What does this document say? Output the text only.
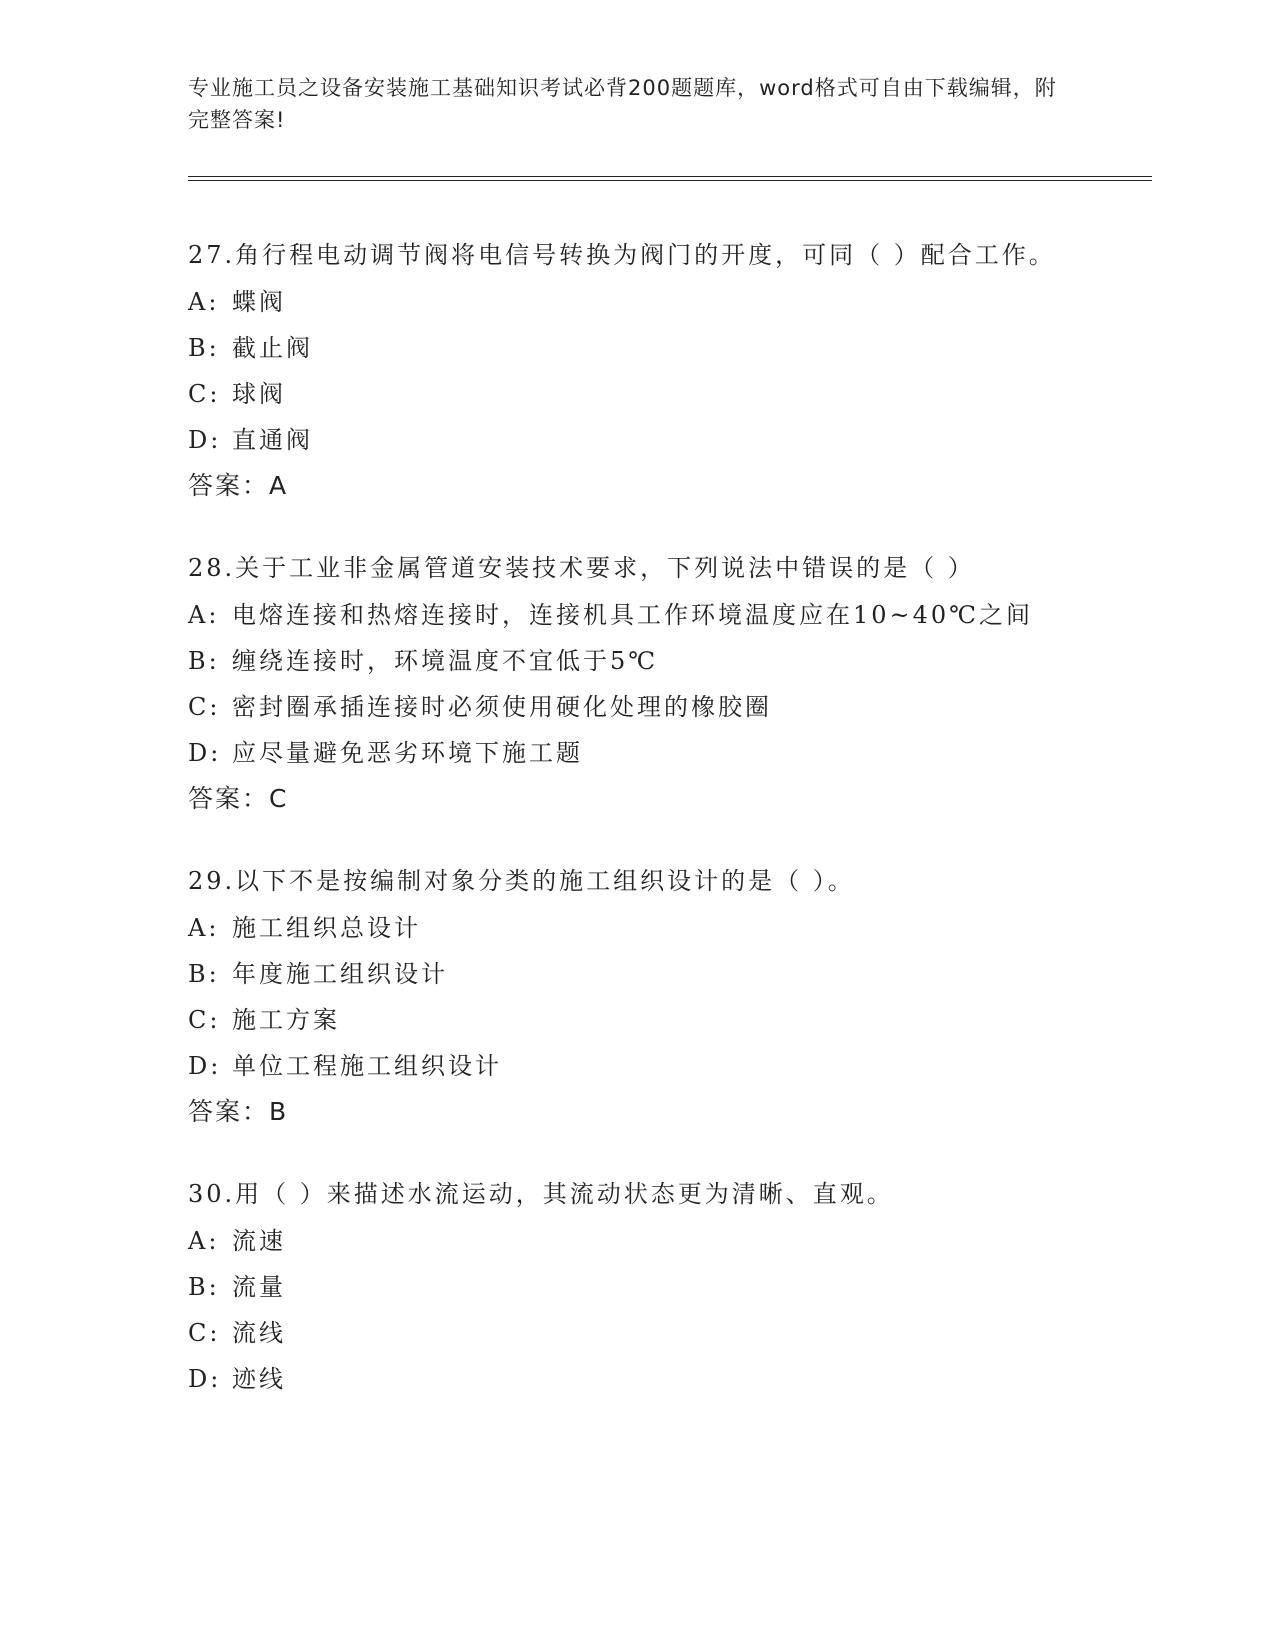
专业施工员之设备安装施工基础知识考试必背200题题库，word格式可自由下载编辑，附完整答案!

27.角行程电动调节阀将电信号转换为阀门的开度，可同（ ）配合工作。

A: 蝶阀
B: 截止阀
C: 球阀
D: 直通阀
答案：A

28.关于工业非金属管道安装技术要求，下列说法中错误的是（ ）

A: 电熔连接和热熔连接时，连接机具工作环境温度应在10~40℃之间
B: 缠绕连接时，环境温度不宜低于5℃
C: 密封圈承插连接时必须使用硬化处理的橡胶圈
D: 应尽量避免恶劣环境下施工题
答案：C

29.以下不是按编制对象分类的施工组织设计的是（ ）。

A: 施工组织总设计
B: 年度施工组织设计
C: 施工方案
D: 单位工程施工组织设计
答案：B

30.用（ ）来描述水流运动，其流动状态更为清晰、直观。

A: 流速
B: 流量
C: 流线
D: 迹线
